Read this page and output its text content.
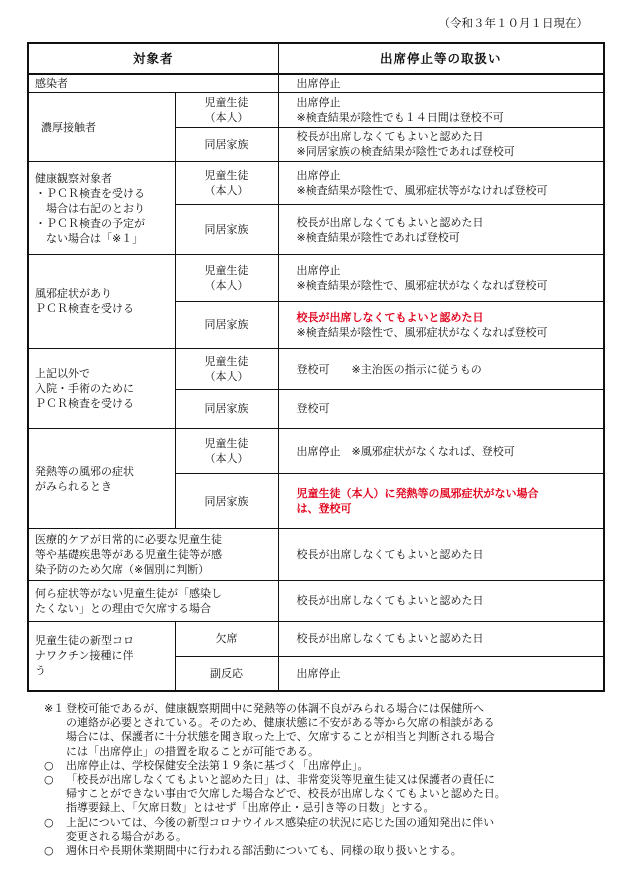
（令和３年１０月１日現在）
対象者		出席停止等の取扱い
感染者		出席停止
濃厚接触者	児童生徒
（本人）	出席停止
※検査結果が陰性でも１４日間は登校不可

	同居家族	校長が出席しなくてもよいと認めた日
※同居家族の検査結果が陰性であれば登校可

健康観察対象者
・ＰＣＲ検査を受ける
　場合は右記のとおり
・ＰＣＲ検査の予定が
　ない場合は「※１」	児童生徒
（本人）	出席停止
※検査結果が陰性で、風邪症状等がなければ登校可

	同居家族	校長が出席しなくてもよいと認めた日
※検査結果が陰性であれば登校可

風邪症状があり
ＰＣＲ検査を受ける	児童生徒
（本人）	出席停止
※検査結果が陰性で、風邪症状がなくなれば登校可

	同居家族	校長が出席しなくてもよいと認めた日
※検査結果が陰性で、風邪症状がなくなれば登校可

上記以外で
入院・手術のために
ＰＣＲ検査を受ける	児童生徒
（本人）	登校可　　※主治医の指示に従うもの
	同居家族	登校可

発熱等の風邪の症状
がみられるとき	児童生徒
（本人）	出席停止　※風邪症状がなくなれば、登校可
	同居家族	児童生徒（本人）に発熱等の風邪症状がない場合
は、登校可

医療的ケアが日常的に必要な児童生徒
等や基礎疾患等がある児童生徒等が感
染予防のため欠席（※個別に判断）		校長が出席しなくてもよいと認めた日

何ら症状等がない児童生徒が「感染し
たくない」との理由で欠席する場合		校長が出席しなくてもよいと認めた日

児童生徒の新型コロ
ナワクチン接種に伴
う	欠席	校長が出席しなくてもよいと認めた日
	副反応	出席停止
※１ 登校可能であるが、健康観察期間中に発熱等の体調不良がみられる場合には保健所へ
の連絡が必要とされている。そのため、健康状態に不安がある等から欠席の相談がある
場合には、保護者に十分状態を聞き取った上で、欠席することが相当と判断される場合
には「出席停止」の措置を取ることが可能である。
○	出席停止は、学校保健安全法第１９条に基づく「出席停止」。
○	「校長が出席しなくてもよいと認めた日」は、非常変災等児童生徒又は保護者の責任に
帰すことができない事由で欠席した場合などで、校長が出席しなくてもよいと認めた日。
指導要録上、「欠席日数」とはせず「出席停止・忌引き等の日数」とする。
○	上記については、今後の新型コロナウイルス感染症の状況に応じた国の通知発出に伴い
変更される場合がある。
○	週休日や長期休業期間中に行われる部活動についても、同様の取り扱いとする。
